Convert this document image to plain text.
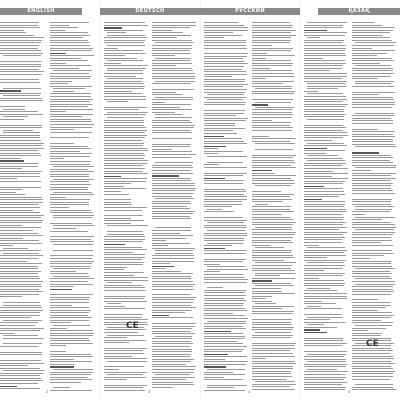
ENGLISH
2
DEUTSCH
CE
3
РУССКИЙ
4
ҚАЗАҚ
CE
5
